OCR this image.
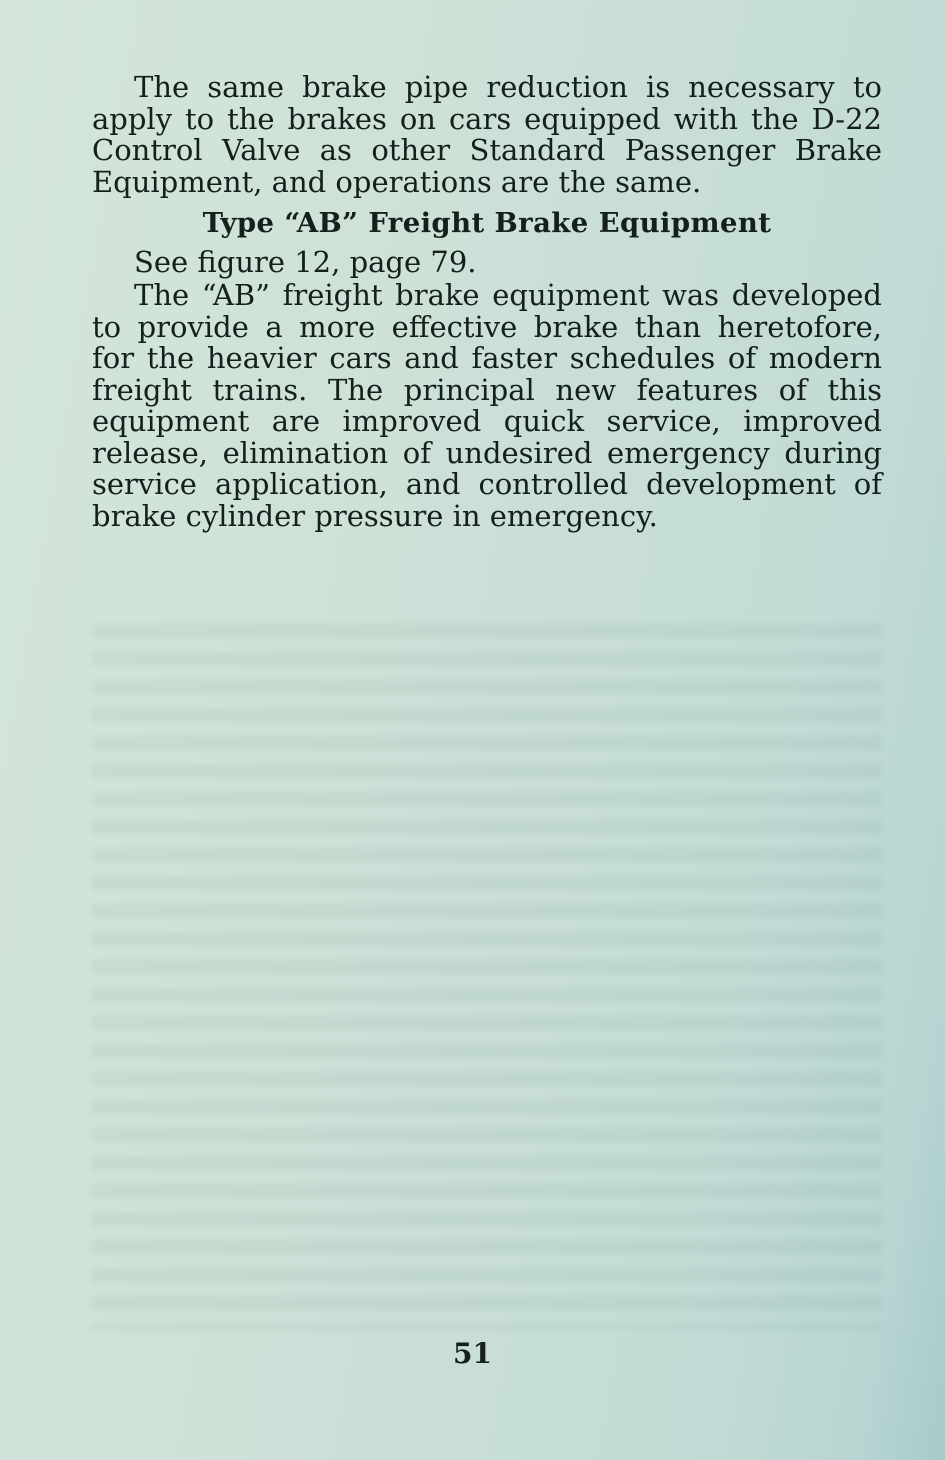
The same brake pipe reduction is necessary to apply to the brakes on cars equipped with the D-22 Control Valve as other Standard Passenger Brake Equipment, and operations are the same.

Type “AB” Freight Brake Equipment

See figure 12, page 79.

The “AB” freight brake equipment was developed to provide a more effective brake than heretofore, for the heavier cars and faster schedules of modern freight trains. The principal new features of this equipment are improved quick service, improved release, elimination of undesired emergency during service application, and controlled development of brake cylinder pressure in emergency.

51
